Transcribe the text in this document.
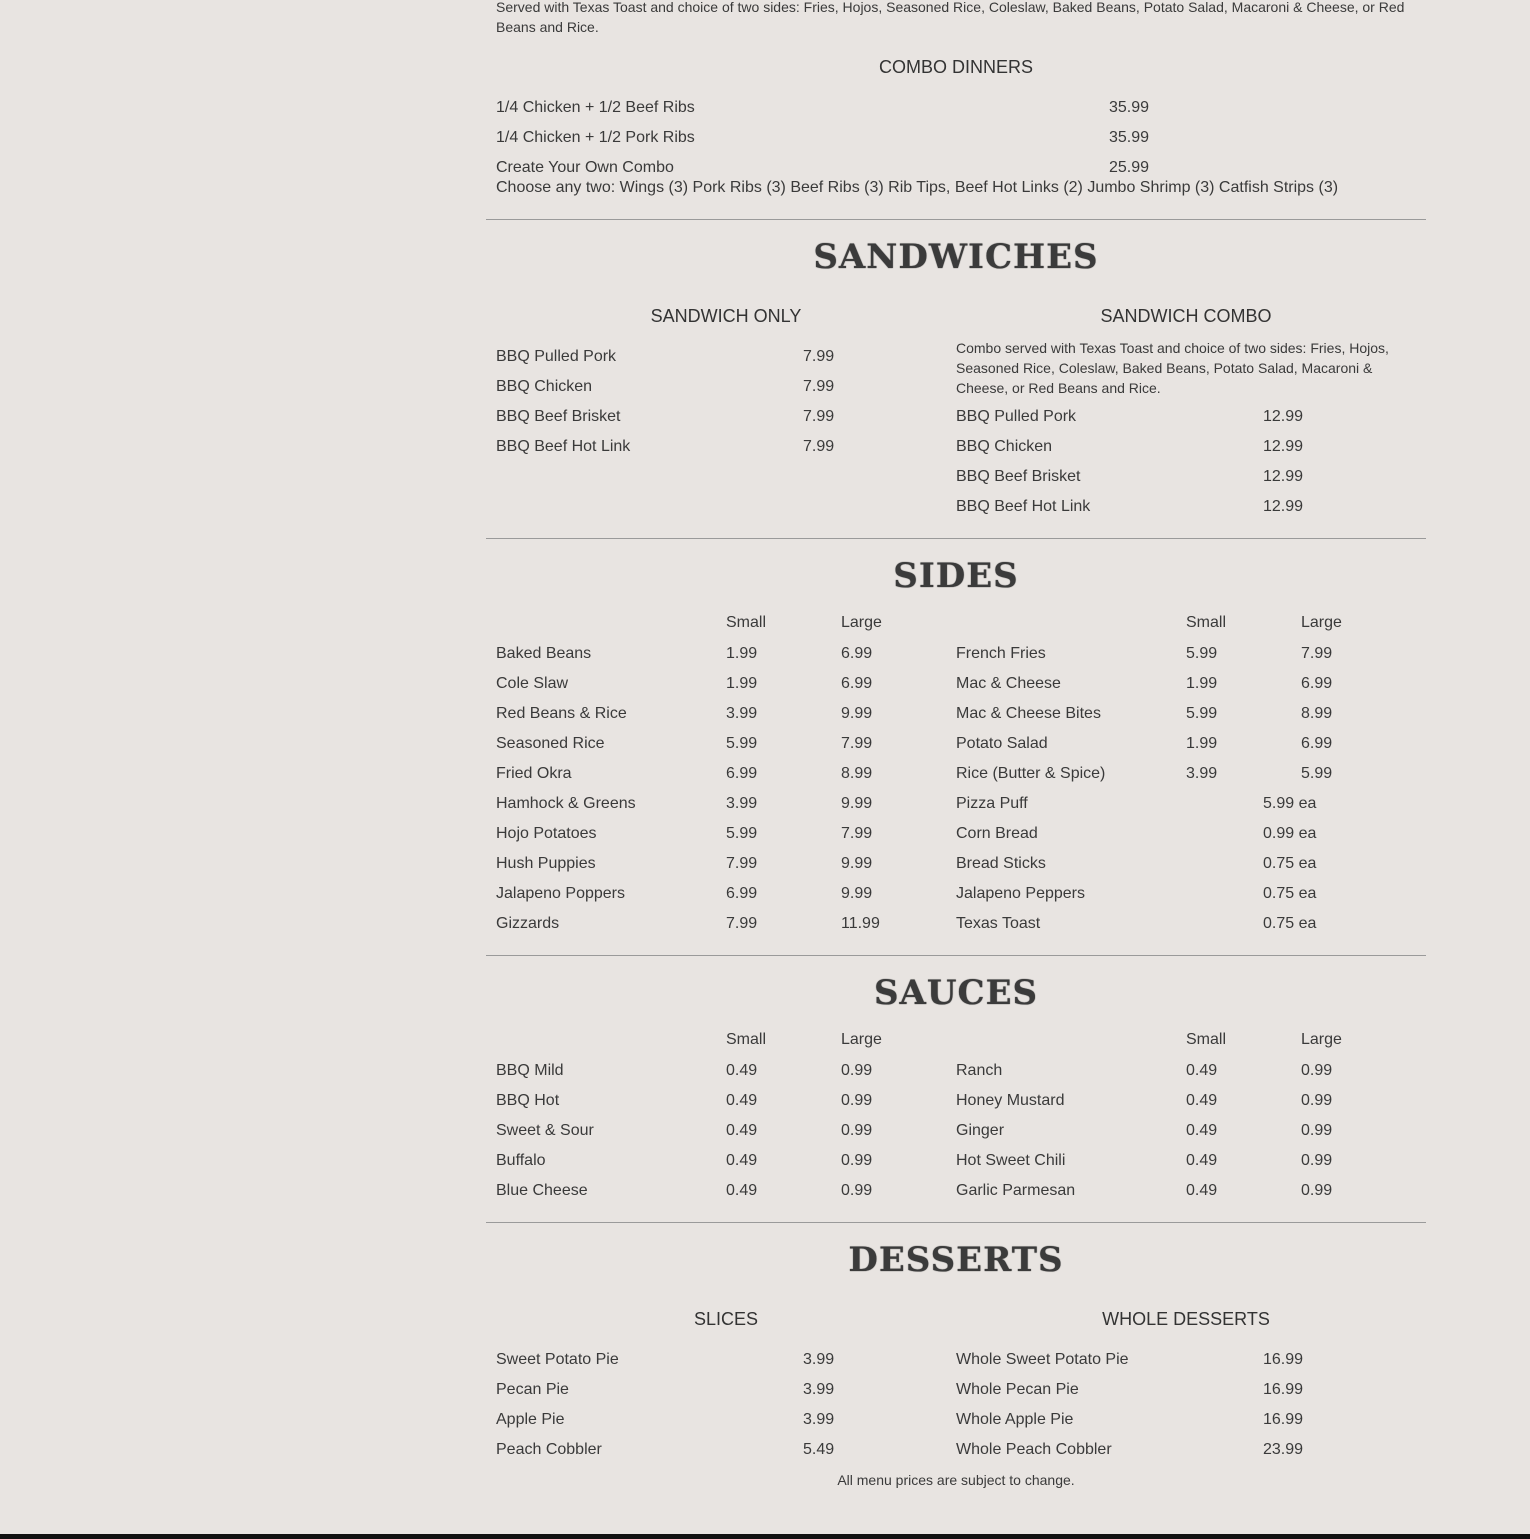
Served with Texas Toast and choice of two sides: Fries, Hojos, Seasoned Rice, Coleslaw, Baked Beans, Potato Salad, Macaroni & Cheese, or Red Beans and Rice.
COMBO DINNERS
1/4 Chicken + 1/2 Beef Ribs	35.99
1/4 Chicken + 1/2 Pork Ribs	35.99
Create Your Own Combo	25.99
Choose any two: Wings (3) Pork Ribs (3) Beef Ribs (3) Rib Tips, Beef Hot Links (2) Jumbo Shrimp (3) Catfish Strips (3)
SANDWICHES
SANDWICH ONLY	SANDWICH COMBO
BBQ Pulled Pork	7.99
BBQ Chicken	7.99
BBQ Beef Brisket	7.99
BBQ Beef Hot Link	7.99
Combo served with Texas Toast and choice of two sides: Fries, Hojos, Seasoned Rice, Coleslaw, Baked Beans, Potato Salad, Macaroni & Cheese, or Red Beans and Rice.
BBQ Pulled Pork	12.99
BBQ Chicken	12.99
BBQ Beef Brisket	12.99
BBQ Beef Hot Link	12.99
SIDES
Small	Large	Small	Large
Baked Beans	1.99	6.99
Cole Slaw	1.99	6.99
Red Beans & Rice	3.99	9.99
Seasoned Rice	5.99	7.99
Fried Okra	6.99	8.99
Hamhock & Greens	3.99	9.99
Hojo Potatoes	5.99	7.99
Hush Puppies	7.99	9.99
Jalapeno Poppers	6.99	9.99
Gizzards	7.99	11.99
French Fries	5.99	7.99
Mac & Cheese	1.99	6.99
Mac & Cheese Bites	5.99	8.99
Potato Salad	1.99	6.99
Rice (Butter & Spice)	3.99	5.99
Pizza Puff	5.99 ea
Corn Bread	0.99 ea
Bread Sticks	0.75 ea
Jalapeno Peppers	0.75 ea
Texas Toast	0.75 ea
SAUCES
Small	Large	Small	Large
BBQ Mild	0.49	0.99
BBQ Hot	0.49	0.99
Sweet & Sour	0.49	0.99
Buffalo	0.49	0.99
Blue Cheese	0.49	0.99
Ranch	0.49	0.99
Honey Mustard	0.49	0.99
Ginger	0.49	0.99
Hot Sweet Chili	0.49	0.99
Garlic Parmesan	0.49	0.99
DESSERTS
SLICES	WHOLE DESSERTS
Sweet Potato Pie	3.99
Pecan Pie	3.99
Apple Pie	3.99
Peach Cobbler	5.49
Whole Sweet Potato Pie	16.99
Whole Pecan Pie	16.99
Whole Apple Pie	16.99
Whole Peach Cobbler	23.99
All menu prices are subject to change.
